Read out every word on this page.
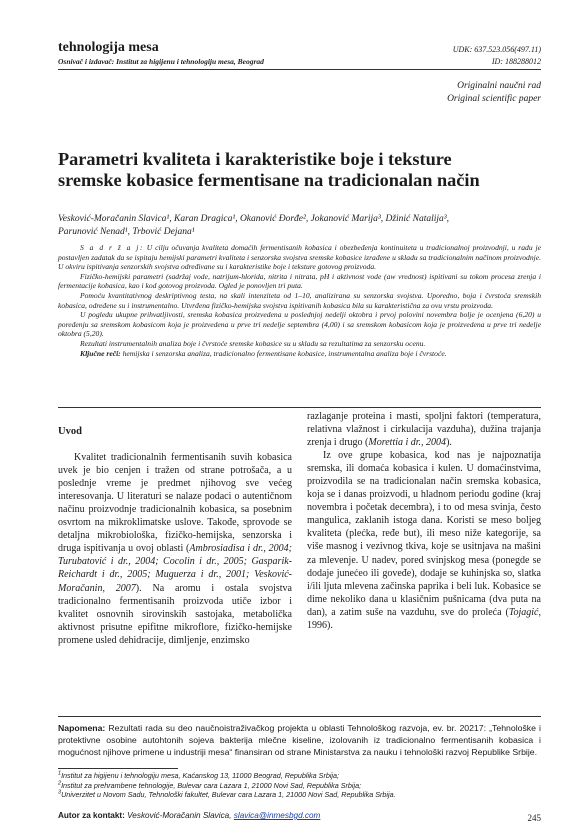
tehnologija mesa
Osnivač i izdavač: Institut za higijenu i tehnologiju mesa, Beograd
UDK: 637.523.056(497.11)
ID: 188288012
Originalni naučni rad
Original scientific paper
Parametri kvaliteta i karakteristike boje i teksture
sremske kobasice fermentisane na tradicionalan način
Vesković-Moračanin Slavica¹, Karan Dragica¹, Okanović Đorđe², Jokanović Marija³, Džinić Natalija³,
Parunović Nenad¹, Trbović Dejana¹

S a d r ž a j: U cilju očuvanja kvaliteta domaćih fermentisanih kobasica i obezbeđenja kontinuiteta u tradicionalnoj proizvodnji, u radu je postavljen zadatak da se ispitaju hemijski parametri kvaliteta i senzorska svojstva sremske kobasice izrađene u skladu sa tradicionalnim načinom proizvodnje. U okviru ispitivanja senzorskih svojstva određivane su i karakteristike boje i teksture gotovog proizvoda.

Fizičko-hemijski parametri (sadržaj vode, natrijum-hlorida, nitrita i nitrata, pH i aktivnost vode (aw vrednost) ispitivani su tokom procesa zrenja i fermentacije kobasica, kao i kod gotovog proizvoda. Ogled je ponovljen tri puta.

Pomoću kvantitativnog deskriptivnog testa, na skali intenziteta od 1–10, analizirana su senzorska svojstva. Uporedno, boja i čvrstoća sremskih kobasica, određene su i instrumentalno. Utvrđena fizičko-hemijska svojstva ispitivanih kobasica bila su karakteristična za ovu vrstu proizvoda.

U pogledu ukupne prihvatljivosti, sremska kobasica proizvedena u poslednjoj nedelji oktobra i prvoj polovini novembra bolje je ocenjena (6,20) u poređenju sa sremskom kobasicom koja je proizvedena u prve tri nedelje septembra (4,00) i sa sremskom kobasicom koja je proizvedena u prve tri nedelje oktobra (5,20).

Rezultati instrumentalnih analiza boje i čvrstoće sremske kobasice su u skladu sa rezultatima za senzorsku ocenu.

Ključne reči: hemijska i senzorska analiza, tradicionalno fermentisane kobasice, instrumentalna analiza boje i čvrstoće.

Uvod

Kvalitet tradicionalnih fermentisanih suvih kobasica uvek je bio cenjen i tražen od strane potrošača, a u poslednje vreme je predmet njihovog sve većeg interesovanja. U literaturi se nalaze podaci o autentičnom načinu proizvodnje tradicionalnih kobasica, sa posebnim osvrtom na mikroklimatske uslove. Takođe, sprovode se detaljna mikrobiološka, fizičko-hemijska, senzorska i druga ispitivanja u ovoj oblasti (Ambrosiadisa i dr., 2004; Turubatović i dr., 2004; Cocolin i dr., 2005; Gasparik-Reichardt i dr., 2005; Muguerza i dr., 2001; Vesković-Moračanin, 2007). Na aromu i ostala svojstva tradicionalno fermentisanih proizvoda utiče izbor i kvalitet osnovnih sirovinskih sastojaka, metabolička aktivnost prisutne epifitne mikroflore, fizičko-hemijske promene usled dehidracije, dimljenje, enzimsko

razlaganje proteina i masti, spoljni faktori (temperatura, relativna vlažnost i cirkulacija vazduha), dužina trajanja zrenja i drugo (Morettia i dr., 2004).

Iz ove grupe kobasica, kod nas je najpoznatija sremska, ili domaća kobasica i kulen. U domaćinstvima, proizvodila se na tradicionalan način sremska kobasica, koja se i danas proizvodi, u hladnom periodu godine (kraj novembra i početak decembra), i to od mesa svinja, često mangulica, zaklanih istoga dana. Koristi se meso boljeg kvaliteta (plećka, ređe but), ili meso niže kategorije, sa više masnog i vezivnog tkiva, koje se usitnjava na mašini za mlevenje. U nadev, pored svinjskog mesa (ponegde se dodaje junećeo ili goveđe), dodaje se kuhinjska so, slatka i/ili ljuta mlevena začinska paprika i beli luk. Kobasice se dime nekoliko dana u klasičnim pušnicama (dva puta na dan), a zatim suše na vazduhu, sve do proleća (Tojagić, 1996).

Napomena: Rezultati rada su deo naučnoistraživačkog projekta u oblasti Tehnološkog razvoja, ev. br. 20217: „Tehnološke i protektivne osobine autohtonih sojeva bakterija mlečne kiseline, izolovanih iz tradicionalno fermentisanih kobasica i mogućnost njihove primene u industriji mesa“ finansiran od strane Ministarstva za nauku i tehnološki razvoj Republike Srbije.
$^1$Institut za higijenu i tehnologiju mesa, Kaćanskog 13, 11000 Beograd, Republika Srbija;
$^2$Institut za prehrambene tehnologije, Bulevar cara Lazara 1, 21000 Novi Sad, Republika Srbija;
$^3$Univerzitet u Novom Sadu, Tehnološki fakultet, Bulevar cara Lazara 1, 21000 Novi Sad, Republika Srbija.
Autor za kontakt: Vesković-Moračanin Slavica, slavica@inmesbgd.com	245
